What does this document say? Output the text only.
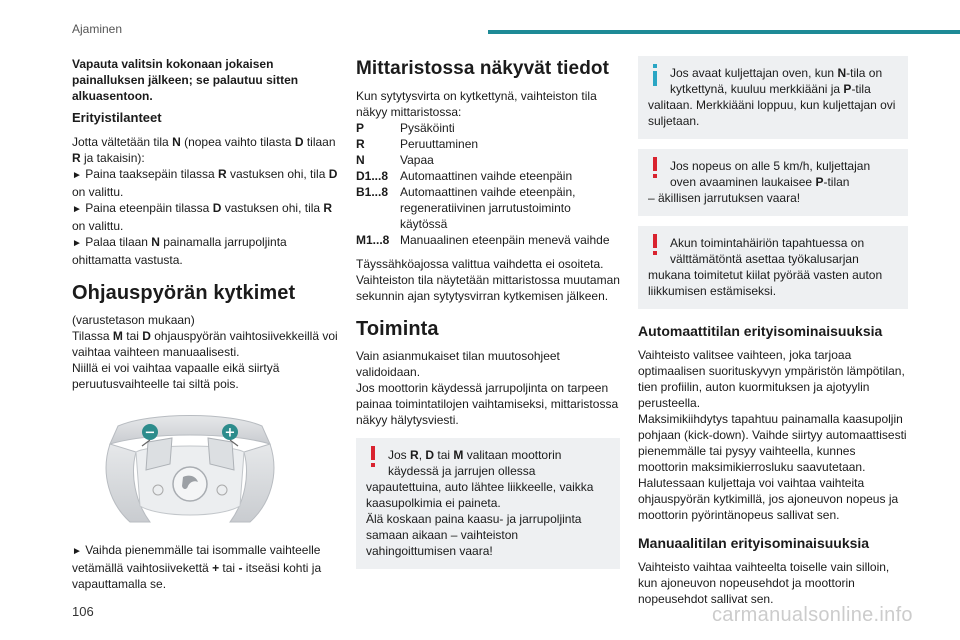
Ajaminen
Vapauta valitsin kokonaan jokaisen painalluksen jälkeen; se palautuu sitten alkuasentoon.
Erityistilanteet

Jotta vältetään tila N (nopea vaihto tilasta D tilaan R ja takaisin):

► Paina taaksepäin tilassa R vastuksen ohi, tila D on valittu.

► Paina eteenpäin tilassa D vastuksen ohi, tila R on valittu.

► Palaa tilaan N painamalla jarrupoljinta ohittamatta vastusta.

Ohjauspyörän kytkimet

(varustetason mukaan)

Tilassa M tai D ohjauspyörän vaihtosiivekkeillä voi vaihtaa vaihteen manuaalisesti.

Niillä ei voi vaihtaa vapaalle eikä siirtyä peruutusvaihteelle tai siltä pois.

−	+

► Vaihda pienemmälle tai isommalle vaihteelle vetämällä vaihtosiivekettä + tai - itseäsi kohti ja vapauttamalla se.

Mittaristossa näkyvät tiedot

Kun sytytysvirta on kytkettynä, vaihteiston tila näkyy mittaristossa:

P	Pysäköinti
R	Peruuttaminen
N	Vapaa
D1...8 Automaattinen vaihde eteenpäin
B1...8 Automaattinen vaihde eteenpäin, regeneratiivinen jarrutustoiminto käytössä
M1...8 Manuaalinen eteenpäin menevä vaihde

Täyssähköajossa valittua vaihdetta ei osoiteta. Vaihteiston tila näytetään mittaristossa muutaman sekunnin ajan sytytysvirran kytkemisen jälkeen.

Toiminta

Vain asianmukaiset tilan muutosohjeet validoidaan.

Jos moottorin käydessä jarrupoljinta on tarpeen painaa toimintatilojen vaihtamiseksi, mittaristossa näkyy hälytysviesti.

Jos R, D tai M valitaan moottorin käydessä ja jarrujen ollessa
vapautettuina, auto lähtee liikkeelle, vaikka kaasupolkimia ei paineta.
Älä koskaan paina kaasu- ja jarrupoljinta samaan aikaan – vaihteiston vahingoittumisen vaara!
Jos avaat kuljettajan oven, kun N-tila on kytkettynä, kuuluu merkkiääni ja P-tila
valitaan. Merkkiääni loppuu, kun kuljettajan ovi suljetaan.
Jos nopeus on alle 5 km/h, kuljettajan oven avaaminen laukaisee P-tilan
– äkillisen jarrutuksen vaara!
Akun toimintahäiriön tapahtuessa on välttämätöntä asettaa työkalusarjan
mukana toimitetut kiilat pyörää vasten auton liikkumisen estämiseksi.
Automaattitilan erityisominaisuuksia

Vaihteisto valitsee vaihteen, joka tarjoaa optimaalisen suorituskyvyn ympäristön lämpötilan, tien profiilin, auton kuormituksen ja ajotyylin perusteella.

Maksimikiihdytys tapahtuu painamalla kaasupoljin pohjaan (kick-down). Vaihde siirtyy automaattisesti pienemmälle tai pysyy vaihteella, kunnes moottorin maksimikierrosluku saavutetaan.

Halutessaan kuljettaja voi vaihtaa vaihteita ohjauspyörän kytkimillä, jos ajoneuvon nopeus ja moottorin pyörintänopeus sallivat sen.

Manuaalitilan erityisominaisuuksia

Vaihteisto vaihtaa vaihteelta toiselle vain silloin, kun ajoneuvon nopeusehdot ja moottorin nopeusehdot sallivat sen.

106	carmanualsonline.info
